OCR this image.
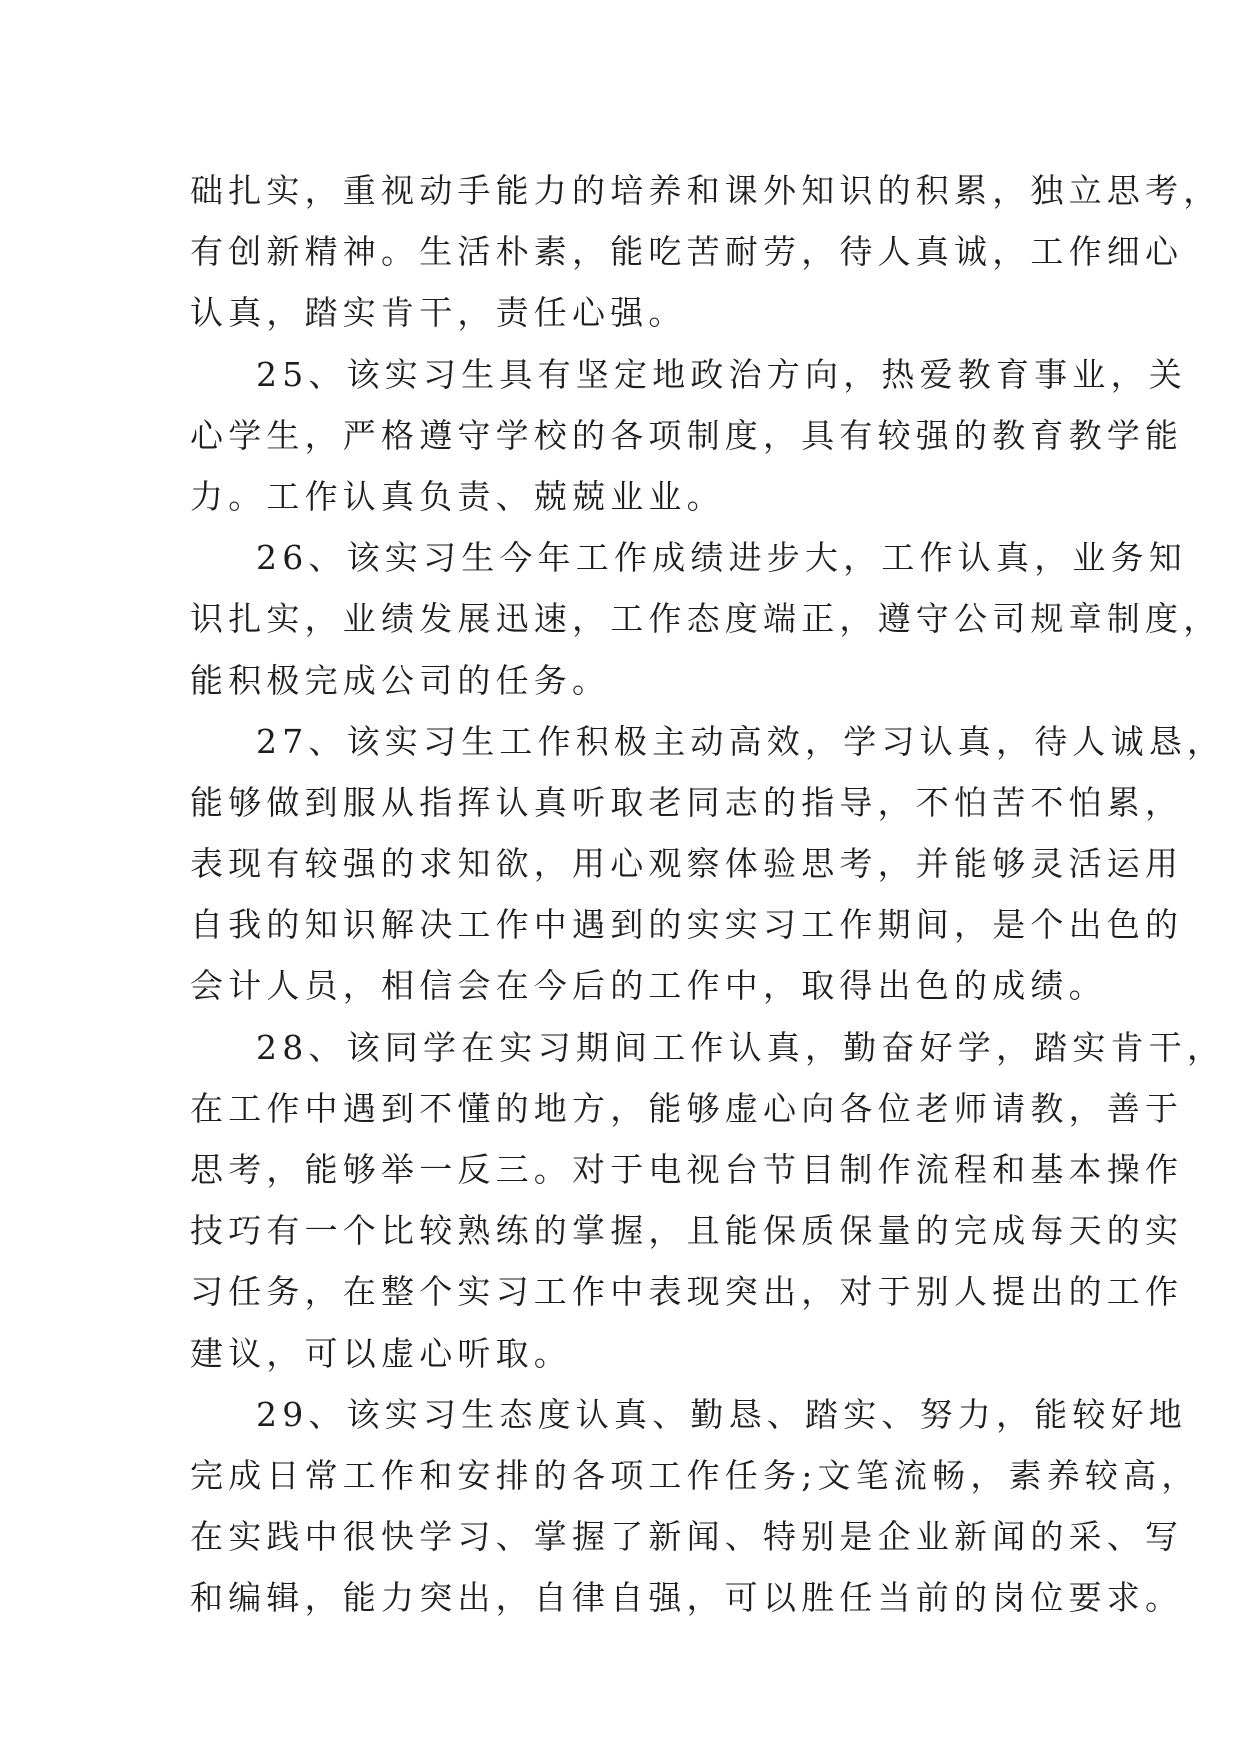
础扎实，重视动手能力的培养和课外知识的积累，独立思考，
有创新精神。生活朴素，能吃苦耐劳，待人真诚，工作细心
认真，踏实肯干，责任心强。
25、该实习生具有坚定地政治方向，热爱教育事业，关
心学生，严格遵守学校的各项制度，具有较强的教育教学能
力。工作认真负责、兢兢业业。
26、该实习生今年工作成绩进步大，工作认真，业务知
识扎实，业绩发展迅速，工作态度端正，遵守公司规章制度，
能积极完成公司的任务。
27、该实习生工作积极主动高效，学习认真，待人诚恳，
能够做到服从指挥认真听取老同志的指导，不怕苦不怕累，
表现有较强的求知欲，用心观察体验思考，并能够灵活运用
自我的知识解决工作中遇到的实实习工作期间，是个出色的
会计人员，相信会在今后的工作中，取得出色的成绩。
28、该同学在实习期间工作认真，勤奋好学，踏实肯干，
在工作中遇到不懂的地方，能够虚心向各位老师请教，善于
思考，能够举一反三。对于电视台节目制作流程和基本操作
技巧有一个比较熟练的掌握，且能保质保量的完成每天的实
习任务，在整个实习工作中表现突出，对于别人提出的工作
建议，可以虚心听取。
29、该实习生态度认真、勤恳、踏实、努力，能较好地
完成日常工作和安排的各项工作任务;文笔流畅，素养较高，
在实践中很快学习、掌握了新闻、特别是企业新闻的采、写
和编辑，能力突出，自律自强，可以胜任当前的岗位要求。
